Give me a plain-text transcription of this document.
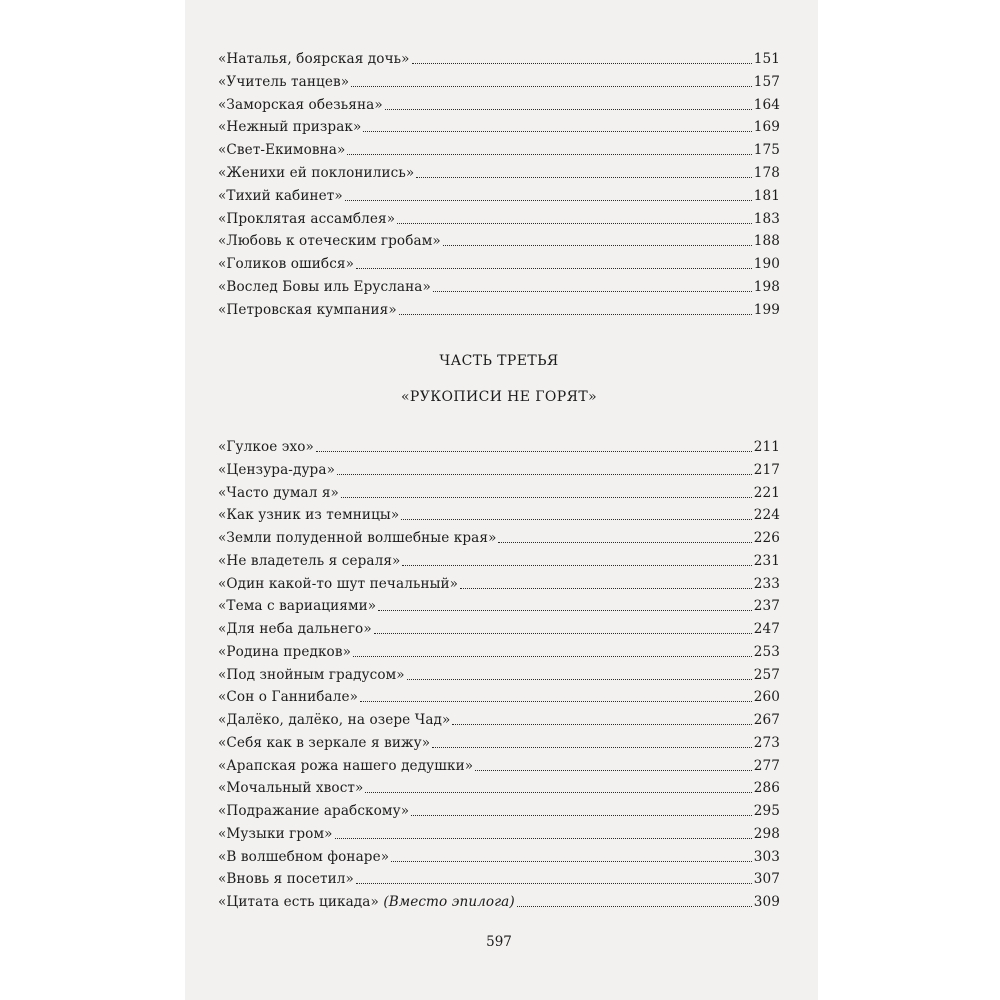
«Наталья, боярская дочь»	151
«Учитель танцев»	157
«Заморская обезьяна»	164
«Нежный призрак»	169
«Свет-Екимовна»	175
«Женихи ей поклонились»	178
«Тихий кабинет»	181
«Проклятая ассамблея»	183
«Любовь к отеческим гробам»	188
«Голиков ошибся»	190
«Вослед Бовы иль Еруслана»	198
«Петровская кумпания»	199
ЧАСТЬ ТРЕТЬЯ
«РУКОПИСИ НЕ ГОРЯТ»
«Гулкое эхо»	211
«Цензура-дура»	217
«Часто думал я»	221
«Как узник из темницы»	224
«Земли полуденной волшебные края»	226
«Не владетель я сераля»	231
«Один какой-то шут печальный»	233
«Тема с вариациями»	237
«Для неба дальнего»	247
«Родина предков»	253
«Под знойным градусом»	257
«Сон о Ганнибале»	260
«Далёко, далёко, на озере Чад»	267
«Себя как в зеркале я вижу»	273
«Арапская рожа нашего дедушки»	277
«Мочальный хвост»	286
«Подражание арабскому»	295
«Музыки гром»	298
«В волшебном фонаре»	303
«Вновь я посетил»	307
«Цитата есть цикада» (Вместо эпилога)	309
597
